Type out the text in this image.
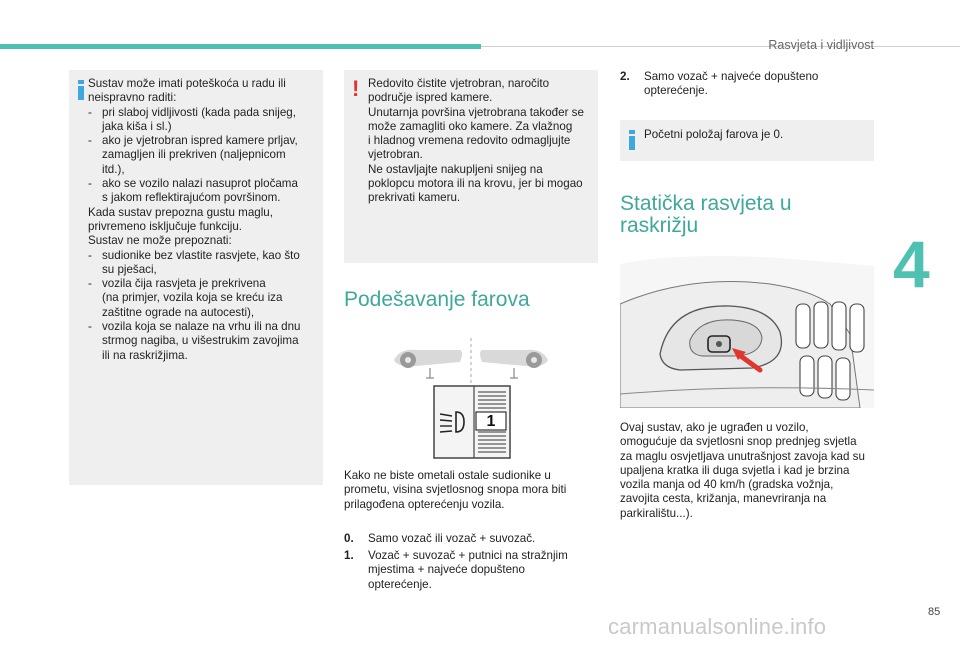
Rasvjeta i vidljivost
4
Sustav može imati poteškoća u radu ili
neispravno raditi:
- pri slaboj vidljivosti (kada pada snijeg,
jaka kiša i sl.)
- ako je vjetrobran ispred kamere prljav,
zamagljen ili prekriven (naljepnicom
itd.),
- ako se vozilo nalazi nasuprot pločama
s jakom reflektirajućom površinom.
Kada sustav prepozna gustu maglu,
privremeno isključuje funkciju.
Sustav ne može prepoznati:
- sudionike bez vlastite rasvjete, kao što
su pješaci,
- vozila čija rasvjeta je prekrivena
(na primjer, vozila koja se kreću iza
zaštitne ograde na autocesti),
- vozila koja se nalaze na vrhu ili na dnu
strmog nagiba, u višestrukim zavojima
ili na raskrižjima.
! Redovito čistite vjetrobran, naročito
područje ispred kamere.
Unutarnja površina vjetrobrana također se
može zamagliti oko kamere. Za vlažnog
i hladnog vremena redovito odmagljujte
vjetrobran.
Ne ostavljajte nakupljeni snijeg na
poklopcu motora ili na krovu, jer bi mogao
prekrivati kameru.
Podešavanje farova
1
Kako ne biste ometali ostale sudionike u
prometu, visina svjetlosnog snopa mora biti
prilagođena opterećenju vozila.
0. Samo vozač ili vozač + suvozač.
1. Vozač + suvozač + putnici na stražnjim
mjestima + najveće dopušteno
opterećenje.
2. Samo vozač + najveće dopušteno
opterećenje.
Početni položaj farova je 0.
Statička rasvjeta u
raskrižju
Ovaj sustav, ako je ugrađen u vozilo,
omogućuje da svjetlosni snop prednjeg svjetla
za maglu osvjetljava unutrašnjost zavoja kad su
upaljena kratka ili duga svjetla i kad je brzina
vozila manja od 40 km/h (gradska vožnja,
zavojita cesta, križanja, manevriranja na
parkiralištu...).
85
carmanualsonline.info
